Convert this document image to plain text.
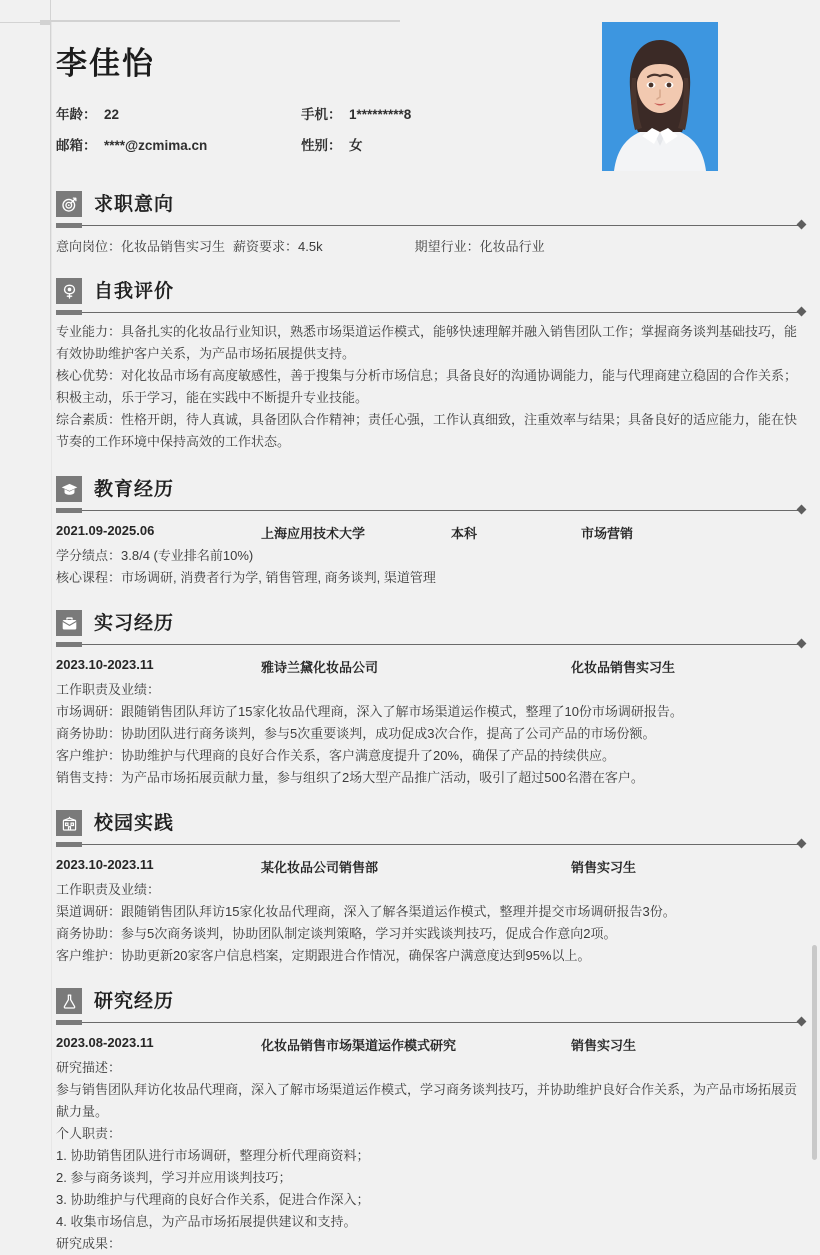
李佳怡
年龄： 22	手机： 1*********8
邮箱： ****@zcmima.cn	性别： 女
求职意向
意向岗位：化妆品销售实习生 薪资要求：4.5k	期望行业：化妆品行业
自我评价

专业能力：具备扎实的化妆品行业知识，熟悉市场渠道运作模式，能够快速理解并融入销售团队工作；掌握商务谈判基础技巧，能有效协助维护客户关系，为产品市场拓展提供支持。

核心优势：对化妆品市场有高度敏感性，善于搜集与分析市场信息；具备良好的沟通协调能力，能与代理商建立稳固的合作关系；积极主动，乐于学习，能在实践中不断提升专业技能。

综合素质：性格开朗，待人真诚，具备团队合作精神；责任心强，工作认真细致，注重效率与结果；具备良好的适应能力，能在快节奏的工作环境中保持高效的工作状态。

教育经历
2021.09-2025.06	上海应用技术大学	本科	市场营销

学分绩点：3.8/4 (专业排名前10%)

核心课程：市场调研, 消费者行为学, 销售管理, 商务谈判, 渠道管理

实习经历
2023.10-2023.11	雅诗兰黛化妆品公司	化妆品销售实习生

工作职责及业绩：

市场调研：跟随销售团队拜访了15家化妆品代理商，深入了解市场渠道运作模式，整理了10份市场调研报告。

商务协助：协助团队进行商务谈判，参与5次重要谈判，成功促成3次合作，提高了公司产品的市场份额。

客户维护：协助维护与代理商的良好合作关系，客户满意度提升了20%，确保了产品的持续供应。

销售支持：为产品市场拓展贡献力量，参与组织了2场大型产品推广活动，吸引了超过500名潜在客户。

校园实践
2023.10-2023.11	某化妆品公司销售部	销售实习生

工作职责及业绩：

渠道调研：跟随销售团队拜访15家化妆品代理商，深入了解各渠道运作模式，整理并提交市场调研报告3份。

商务协助：参与5次商务谈判，协助团队制定谈判策略，学习并实践谈判技巧，促成合作意向2项。

客户维护：协助更新20家客户信息档案，定期跟进合作情况，确保客户满意度达到95%以上。

研究经历
2023.08-2023.11	化妆品销售市场渠道运作模式研究	销售实习生

研究描述：

参与销售团队拜访化妆品代理商，深入了解市场渠道运作模式，学习商务谈判技巧，并协助维护良好合作关系，为产品市场拓展贡献力量。

个人职责：

1. 协助销售团队进行市场调研，整理分析代理商资料；

2. 参与商务谈判，学习并应用谈判技巧；

3. 协助维护与代理商的良好合作关系，促进合作深入；

4. 收集市场信息，为产品市场拓展提供建议和支持。

研究成果：
